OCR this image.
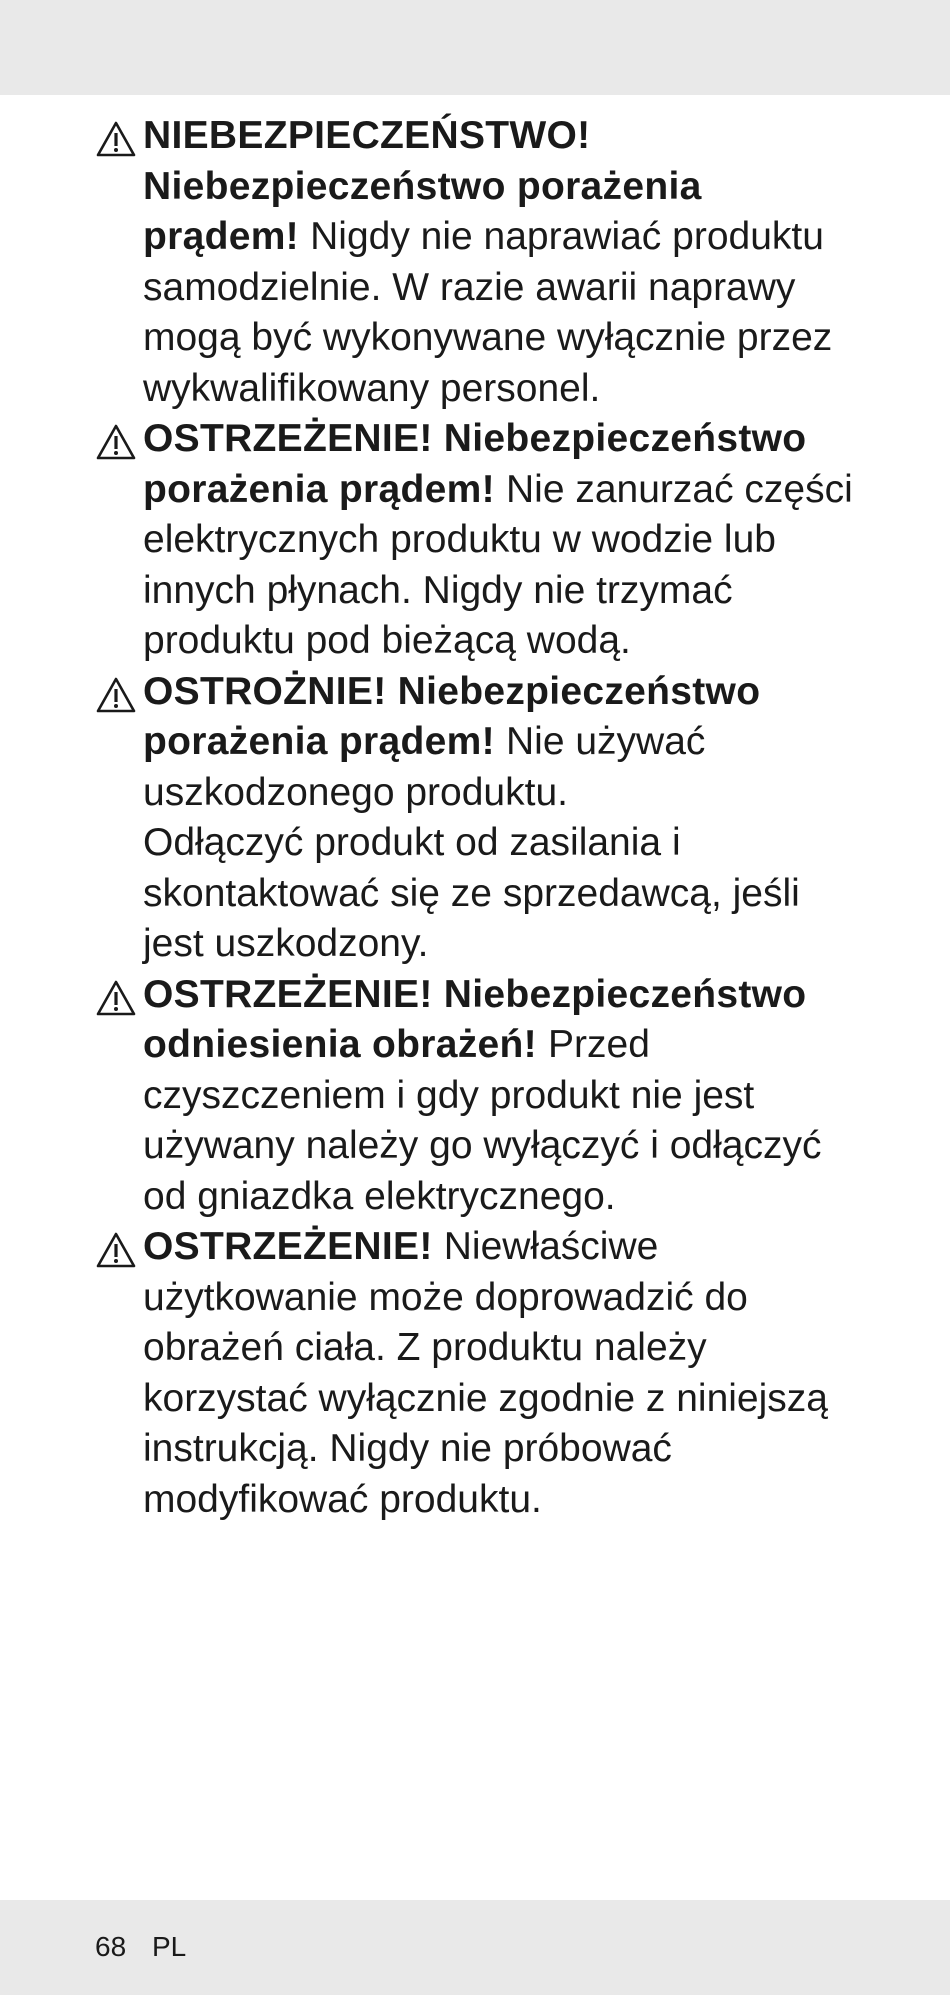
NIEBEZPIECZEŃSTWO!
Niebezpieczeństwo porażenia prądem! Nigdy nie naprawiać produktu samodzielnie. W razie awarii naprawy mogą być wykonywane wyłącznie przez wykwalifikowany personel.
OSTRZEŻENIE! Niebezpieczeństwo porażenia prądem! Nie zanurzać części elektrycznych produktu w wodzie lub innych płynach. Nigdy nie trzymać produktu pod bieżącą wodą.
OSTROŻNIE! Niebezpieczeństwo porażenia prądem! Nie używać uszkodzonego produktu.
Odłączyć produkt od zasilania i skontaktować się ze sprzedawcą, jeśli jest uszkodzony.
OSTRZEŻENIE! Niebezpieczeństwo odniesienia obrażeń! Przed czyszczeniem i gdy produkt nie jest używany należy go wyłączyć i odłączyć od gniazdka elektrycznego.
OSTRZEŻENIE! Niewłaściwe użytkowanie może doprowadzić do obrażeń ciała. Z produktu należy korzystać wyłącznie zgodnie z niniejszą instrukcją. Nigdy nie próbować modyfikować produktu.
68 PL
